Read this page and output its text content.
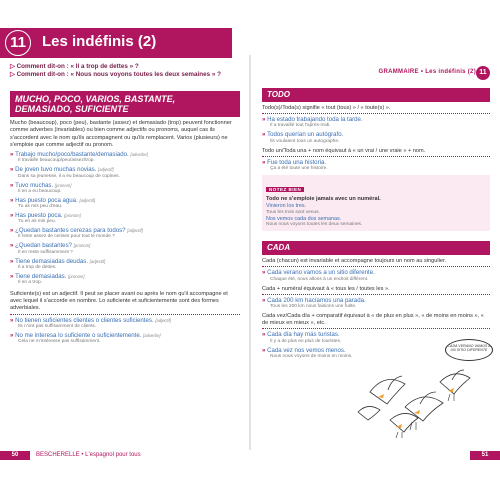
11	Les indéfinis (2)
GRAMMAIRE • Les indéfinis (2) 11
▷ Comment dit-on : « Il a trop de dettes » ?
▷ Comment dit-on : « Nous nous voyons toutes les deux semaines » ?
MUCHO, POCO, VARIOS, BASTANTE, DEMASIADO, SUFICIENTE
Mucho (beaucoup), poco (peu), bastante (assez) et demasiado (trop) peuvent fonctionner comme adverbes (invariables) ou bien comme adjectifs ou pronoms, auquel cas ils s'accordent avec le nom qu'ils accompagnent ou qu'ils remplacent. Varios (plusieurs) ne s'emploie que comme adjectif ou pronom.
» Trabajo mucho/poco/bastante/demasiado. [adverbe]
Il travaille beaucoup/peu/assez/trop.
» De joven tuvo muchas novias. [adjectif]
Dans sa jeunesse, il a eu beaucoup de copines.
» Tuvo muchas. [pronom]
Il en a eu beaucoup.
» Has puesto poca agua. [adjectif]
Tu as mis peu d'eau.
» Has puesto poca. [pronom]
Tu en as mis peu.
» ¿Quedan bastantes cerezas para todos? [adjectif]
Il reste assez de cerises pour tout le monde ?
» ¿Quedan bastantes? [pronom]
Il en reste suffisamment ?
» Tiene demasiadas deudas. [adjectif]
Il a trop de dettes.
» Tiene demasiadas. [pronom]
Il en a trop.
Suficiente(s) est un adjectif. Il peut se placer avant ou après le nom qu'il accompagne et avec lequel il s'accorde en nombre. Lo suficiente et suficientemente sont des formes adverbiales.
» No tienen suficientes clientes o clientes suficientes. [adjectif]
Ils n'ont pas suffisamment de clients.
» No me interesa lo suficiente o suficientemente. [adverbe]
Cela ne m'intéresse pas suffisamment.
TODO
Todo(s)/Toda(s) signifie « tout (tous) » / « toute(s) ».
» Ha estado trabajando toda la tarde.
Il a travaillé tout l'après-midi.
» Todos querían un autógrafo.
Ils voulaient tous un autographe.
Todo un/Toda una + nom équivaut à « un vrai / une vraie » + nom.
» Fue toda una historia.
Ça a été toute une histoire.
NOTEZ BIEN
Todo ne s'emploie jamais avec un numéral.
Vinieron los tres.
Tous les trois sont venus.
Nos vemos cada dos semanas.
Nous nous voyons toutes les deux semaines.
CADA
Cada (chacun) est invariable et accompagne toujours un nom au singulier.
» Cada verano vamos a un sitio diferente.
Chaque été, nous allons à un endroit différent.
Cada + numéral équivaut à « tous les / toutes les ».
» Cada 200 km hacíamos una parada.
Tous les 200 km nous faisions une halte.
Cada vez/Cada día + comparatif équivaut à « de plus en plus », « de moins en moins », « de mieux en mieux », etc.
» Cada día hay más turistas.
Il y a de plus en plus de touristes.
» Cada vez nos vemos menos.
Nous nous voyons de moins en moins.
CADA VERANO VAMOS A UN SITIO DIFERENTE
50	BESCHERELLE • L'espagnol pour tous	51
